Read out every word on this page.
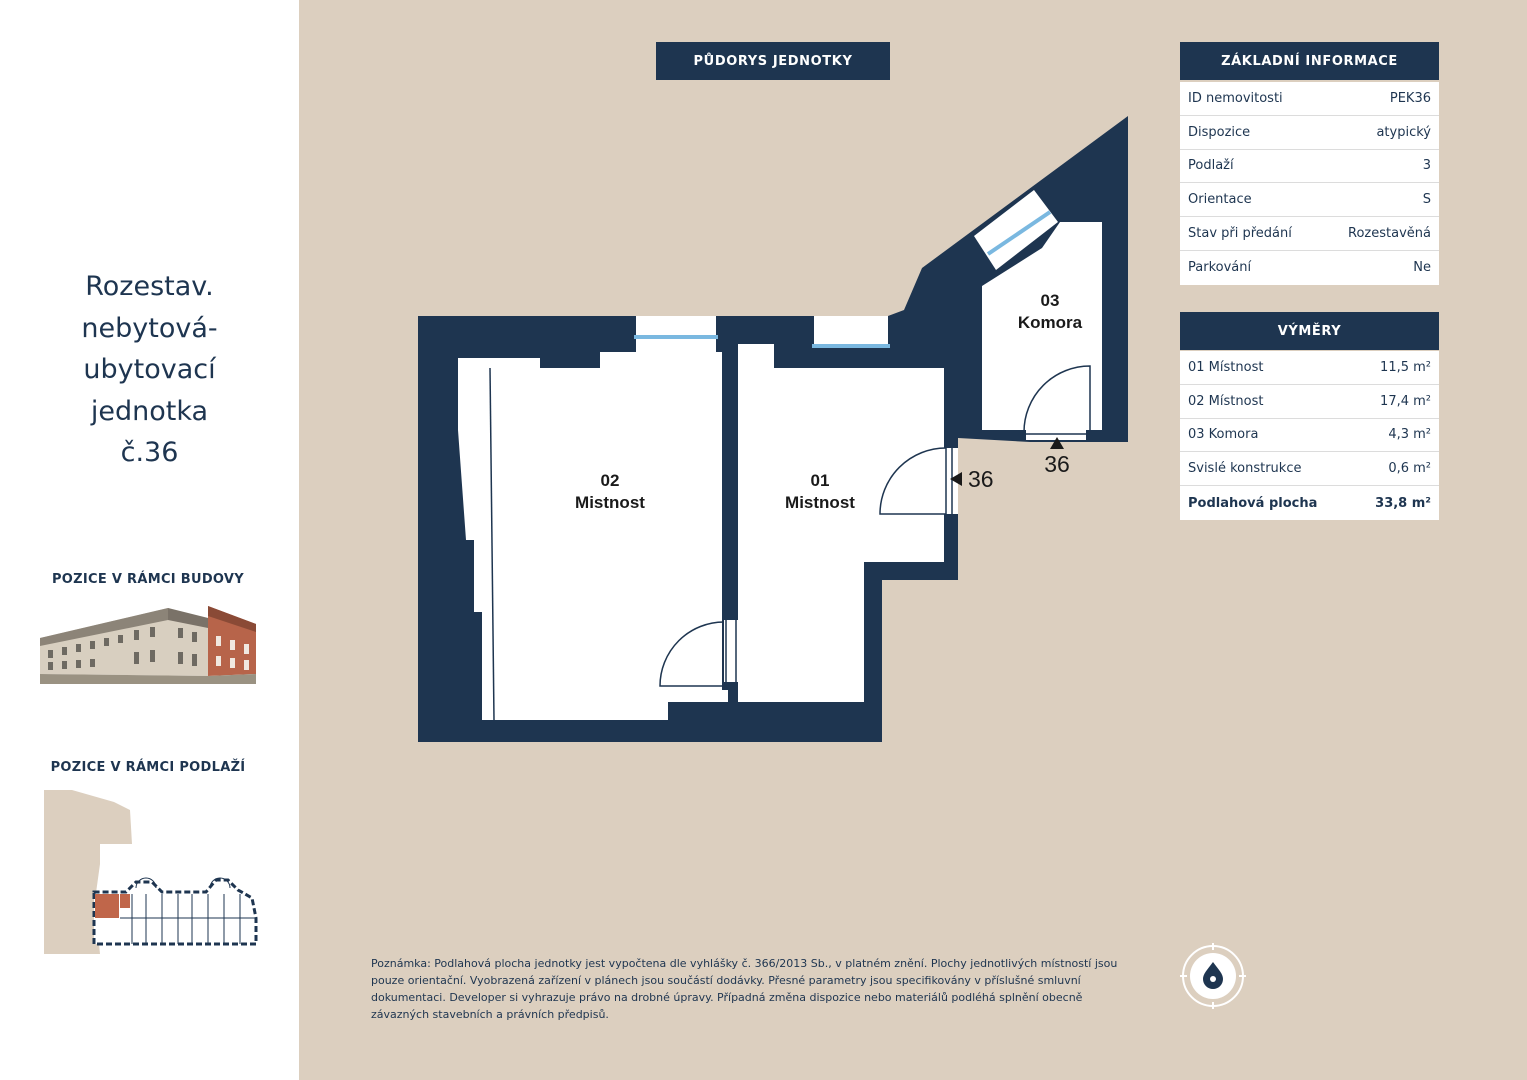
Rozestav.
nebytová-
ubytovací
jednotka
č.36
POZICE V RÁMCI BUDOVY
POZICE V RÁMCI PODLAŽÍ
PŮDORYS JEDNOTKY
02
Mistnost
01
Mistnost
03
Komora
36
36
ZÁKLADNÍ INFORMACE
ID nemovitosti	PEK36
Dispozice	atypický
Podlaží	3
Orientace	S
Stav při předání	Rozestavěná
Parkování	Ne
VÝMĚRY
01 Místnost	11,5 m²
02 Místnost	17,4 m²
03 Komora	4,3 m²
Svislé konstrukce	0,6 m²
Podlahová plocha	33,8 m²
Poznámka: Podlahová plocha jednotky jest vypočtena dle vyhlášky č. 366/2013 Sb., v platném znění. Plochy jednotlivých místností jsou pouze orientační. Vyobrazená zařízení v plánech jsou součástí dodávky. Přesné parametry jsou specifikovány v příslušné smluvní dokumentaci. Developer si vyhrazuje právo na drobné úpravy. Případná změna dispozice nebo materiálů podléhá splnění obecně závazných stavebních a právních předpisů.
